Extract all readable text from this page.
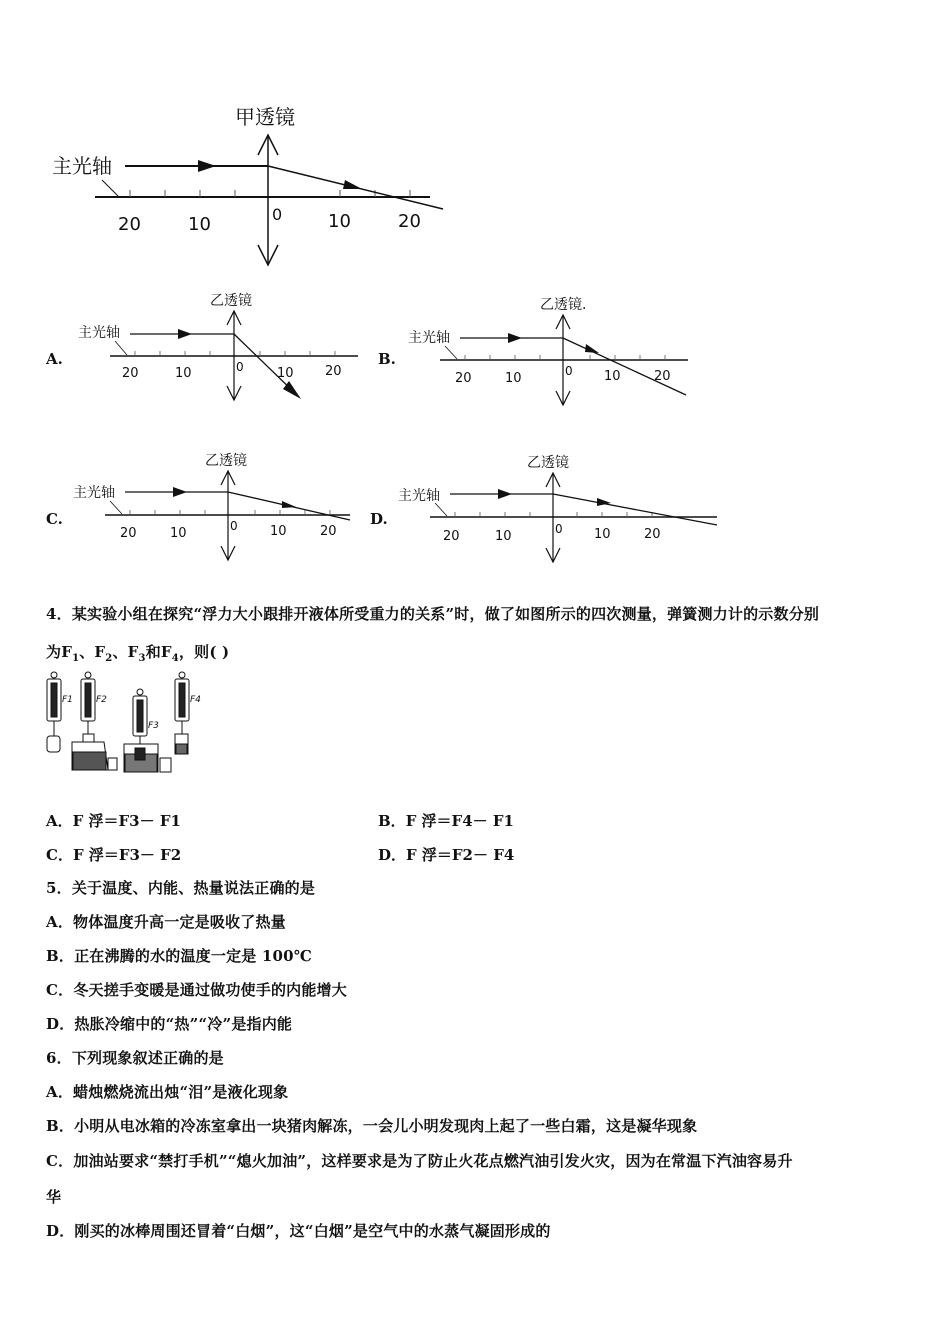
甲透镜
主光轴
20	10	0	10	20
A.
乙透镜
主光轴
20	10	0	10 20
B.
乙透镜.
主光轴
20	10	0 10	20
C.
乙透镜
主光轴
20	10	0 10	20
D.
乙透镜
主光轴
20	10	0 10	20
4．某实验小组在探究“浮力大小跟排开液体所受重力的关系”时，做了如图所示的四次测量，弹簧测力计的示数分别
为$F_1$、$F_2$、$F_3$和$F_4$，则( )
F1	F2
F3
F4
A．F 浮＝F3－ F1	B．F 浮＝F4－ F1
C．F 浮＝F3－ F2	D．F 浮＝F2－ F4
5．关于温度、内能、热量说法正确的是
A．物体温度升高一定是吸收了热量
B．正在沸腾的水的温度一定是 100℃
C．冬天搓手变暖是通过做功使手的内能增大
D．热胀冷缩中的“热”“冷”是指内能
6．下列现象叙述正确的是
A．蜡烛燃烧流出烛“泪”是液化现象
B．小明从电冰箱的冷冻室拿出一块猪肉解冻，一会儿小明发现肉上起了一些白霜，这是凝华现象
C．加油站要求“禁打手机”“熄火加油”，这样要求是为了防止火花点燃汽油引发火灾，因为在常温下汽油容易升
华
D．刚买的冰棒周围还冒着“白烟”，这“白烟”是空气中的水蒸气凝固形成的
